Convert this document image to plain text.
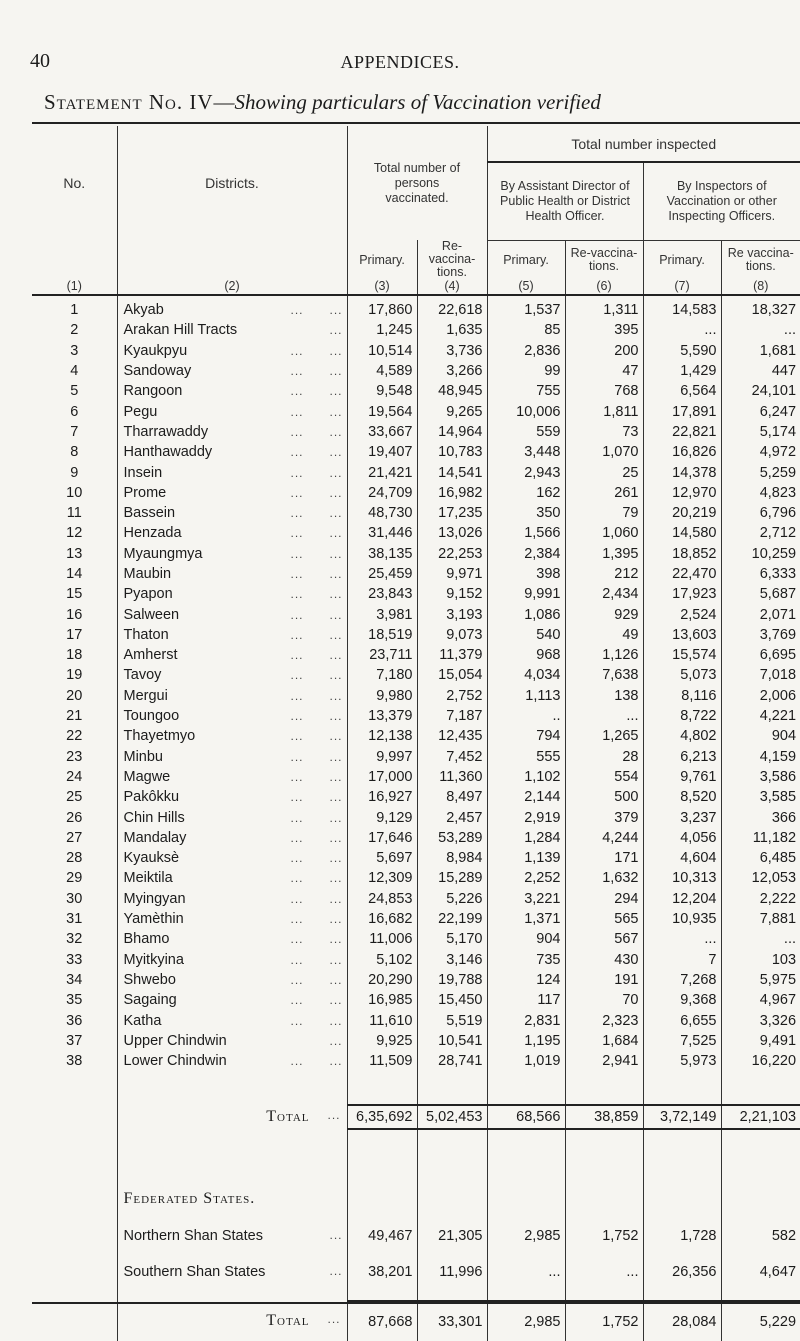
40	APPENDICES.
Statement No. IV—Showing particulars of Vaccination verified
No.	Districts.	Total number of persons vaccinated.		Total number inspected			
				By Assistant Director of Public Health or District Health Officer.		By Inspectors of Vaccination or other Inspecting Officers.	
		Primary.	Re-vaccina-tions.	Primary.	Re-vaccina-tions.	Primary.	Re vaccina-tions.
(1)	(2)	(3)	(4)	(5)	(6)	(7)	(8)
1	Akyab ...      ...	17,860	22,618	1,537	1,311	14,583	18,327
2	Arakan Hill Tracts ...	1,245	1,635	85	395	...	...
3	Kyaukpyu ...      ...	10,514	3,736	2,836	200	5,590	1,681
4	Sandoway ...      ...	4,589	3,266	99	47	1,429	447
5	Rangoon ...      ...	9,548	48,945	755	768	6,564	24,101
6	Pegu ...      ...	19,564	9,265	10,006	1,811	17,891	6,247
7	Tharrawaddy ...      ...	33,667	14,964	559	73	22,821	5,174
8	Hanthawaddy ...      ...	19,407	10,783	3,448	1,070	16,826	4,972
9	Insein ...      ...	21,421	14,541	2,943	25	14,378	5,259
10	Prome ...      ...	24,709	16,982	162	261	12,970	4,823
11	Bassein ...      ...	48,730	17,235	350	79	20,219	6,796
12	Henzada ...      ...	31,446	13,026	1,566	1,060	14,580	2,712
13	Myaungmya ...      ...	38,135	22,253	2,384	1,395	18,852	10,259
14	Maubin ...      ...	25,459	9,971	398	212	22,470	6,333
15	Pyapon ...      ...	23,843	9,152	9,991	2,434	17,923	5,687
16	Salween ...      ...	3,981	3,193	1,086	929	2,524	2,071
17	Thaton ...      ...	18,519	9,073	540	49	13,603	3,769
18	Amherst ...      ...	23,711	11,379	968	1,126	15,574	6,695
19	Tavoy ...      ...	7,180	15,054	4,034	7,638	5,073	7,018
20	Mergui ...      ...	9,980	2,752	1,113	138	8,116	2,006
21	Toungoo ...      ...	13,379	7,187	..	...	8,722	4,221
22	Thayetmyo ...      ...	12,138	12,435	794	1,265	4,802	904
23	Minbu ...      ...	9,997	7,452	555	28	6,213	4,159
24	Magwe ...      ...	17,000	11,360	1,102	554	9,761	3,586
25	Pakôkku ...      ...	16,927	8,497	2,144	500	8,520	3,585
26	Chin Hills ...      ...	9,129	2,457	2,919	379	3,237	366
27	Mandalay ...      ...	17,646	53,289	1,284	4,244	4,056	11,182
28	Kyauksè ...      ...	5,697	8,984	1,139	171	4,604	6,485
29	Meiktila ...      ...	12,309	15,289	2,252	1,632	10,313	12,053
30	Myingyan ...      ...	24,853	5,226	3,221	294	12,204	2,222
31	Yamèthin ...      ...	16,682	22,199	1,371	565	10,935	7,881
32	Bhamo ...      ...	11,006	5,170	904	567	...	...
33	Myitkyina ...      ...	5,102	3,146	735	430	7	103
34	Shwebo ...      ...	20,290	19,788	124	191	7,268	5,975
35	Sagaing ...      ...	16,985	15,450	117	70	9,368	4,967
36	Katha ...      ...	11,610	5,519	2,831	2,323	6,655	3,326
37	Upper Chindwin ...	9,925	10,541	1,195	1,684	7,525	9,491
38	Lower Chindwin ...      ...	11,509	28,741	1,019	2,941	5,973	16,220

	Total ...	6,35,692	5,02,453	68,566	38,859	3,72,149	2,21,103

	Federated States.						

	Northern Shan States ...	49,467	21,305	2,985	1,752	1,728	582

	Southern Shan States ...	38,201	11,996	...	...	26,356	4,647

	Total ...	87,668	33,301	2,985	1,752	28,084	5,229
